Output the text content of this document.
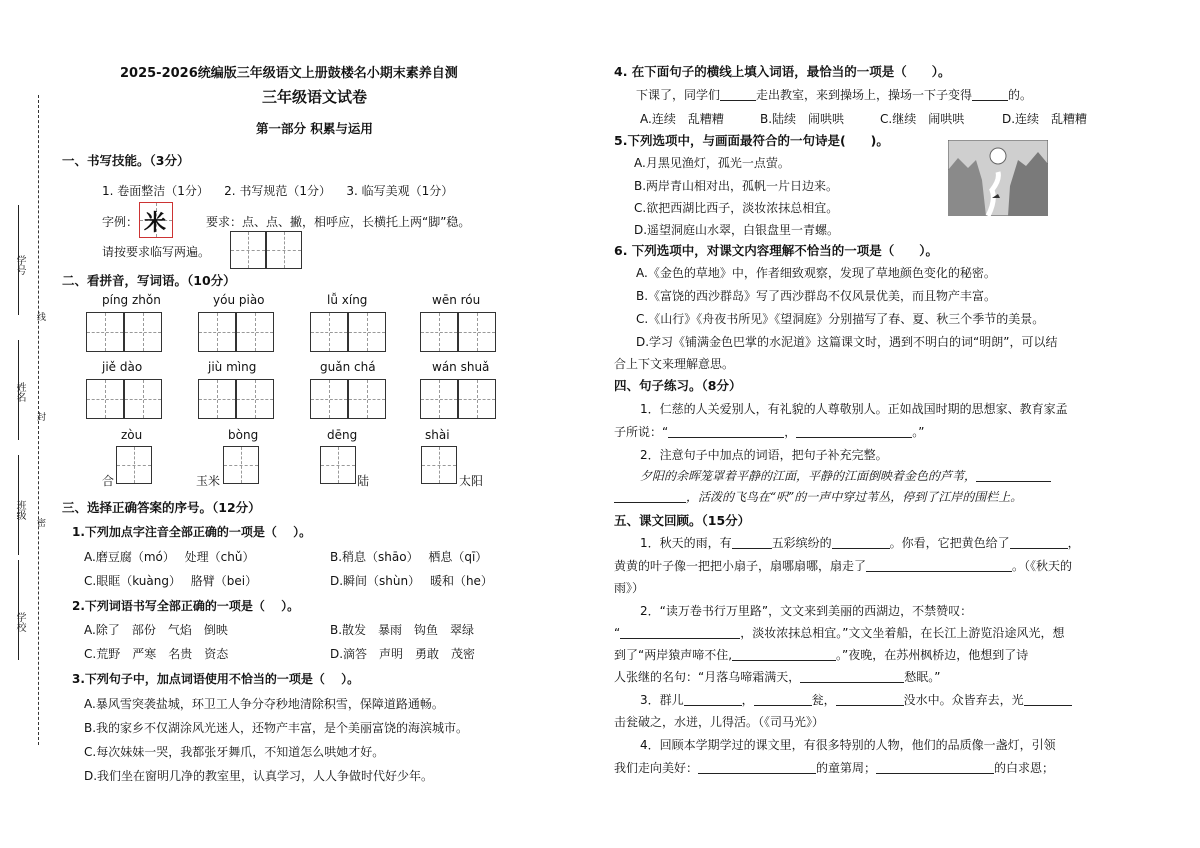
学号
姓名
班级
学校
线
封
密
2025-2026统编版三年级语文上册鼓楼名小期末素养自测
三年级语文试卷
第一部分 积累与运用
一、书写技能。（3分）
1. 卷面整洁（1分）    2. 书写规范（1分）    3. 临写美观（1分）
字例： 米	要求：点、点、撇，相呼应，长横托上两“脚”稳。
请按要求临写两遍。
二、看拼音，写词语。（10分）
píng zhǒn	yóu piào	lǚ xíng	wēn róu
jiě dào	jiù mìng	guǎn chá	wán shuǎ
zòu	bòng	dēng	shài
合	玉米	陆	太阳
三、选择正确答案的序号。（12分）
1.下列加点字注音全部正确的一项是（　 ）。
A.磨豆腐（mó）　 处理（chǔ）	B.稍息（shāo）　 栖息（qī）
C.眼眶（kuàng）　 胳臂（bei）	D.瞬间（shùn）　 暖和（he）
2.下列词语书写全部正确的一项是（　 ）。
A.除了　部份　气焰　倒映	B.散发　暴雨　钩鱼　翠绿
C.荒野　严寒　名贵　资态	D.滴答　声明　勇敢　茂密
3.下列句子中，加点词语使用不恰当的一项是（　 ）。
A.暴风雪突袭盐城，环卫工人争分夺秒地清除积雪，保障道路通畅。
B.我的家乡不仅湖涂风光迷人，还物产丰富，是个美丽富饶的海滨城市。
C.每次妹妹一哭，我都张牙舞爪，不知道怎么哄她才好。
D.我们坐在窗明几净的教室里，认真学习，人人争做时代好少年。
4. 在下面句子的横线上填入词语，最恰当的一项是（　　）。
下课了，同学们	走出教室，来到操场上，操场一下子变得	的。
A.连续　乱糟糟	B.陆续　闹哄哄	C.继续　闹哄哄	D.连续　乱糟糟
5.下列选项中，与画面最符合的一句诗是(　　)。
A.月黑见渔灯，孤光一点萤。
B.两岸青山相对出，孤帆一片日边来。
C.欲把西湖比西子，淡妆浓抹总相宜。
D.遥望洞庭山水翠，白银盘里一青螺。
6. 下列选项中，对课文内容理解不恰当的一项是（　　）。
A.《金色的草地》中，作者细致观察，发现了草地颜色变化的秘密。
B.《富饶的西沙群岛》写了西沙群岛不仅风景优美，而且物产丰富。
C.《山行》《舟夜书所见》《望洞庭》分别描写了春、夏、秋三个季节的美景。
D.学习《铺满金色巴掌的水泥道》这篇课文时，遇到不明白的词“明朗”，可以结
合上下文来理解意思。
四、句子练习。（8分）
1．仁慈的人关爱别人，有礼貌的人尊敬别人。正如战国时期的思想家、教育家孟
子所说：“	，	。”
2．注意句子中加点的词语，把句子补充完整。
夕阳的余晖笼罩着平静的江面，平静的江面倒映着金色的芦苇，
，活泼的飞鸟在“呎”的一声中穿过苇丛，停到了江岸的围栏上。
五、课文回顾。（15分）
1．秋天的雨，有	五彩缤纷的	。你看，它把黄色给了	，
黄黄的叶子像一把把小扇子，扇哪扇哪，扇走了	。（《秋天的
雨》）
2．“读万卷书行万里路”，文文来到美丽的西湖边，不禁赞叹：
“	，淡妆浓抹总相宜。”文文坐着船，在长江上游览沿途风光，想
到了“两岸猿声啼不住,	。”夜晚，在苏州枫桥边，他想到了诗
人张继的名句：“月落乌啼霜满天，	愁眠。”
3．群儿	，	瓮，	没水中。众皆弃去，光
击瓮破之，水迸，儿得活。（《司马光》）
4．回顾本学期学过的课文里，有很多特别的人物，他们的品质像一盏灯，引领
我们走向美好：	的童第周；	的白求恩；
